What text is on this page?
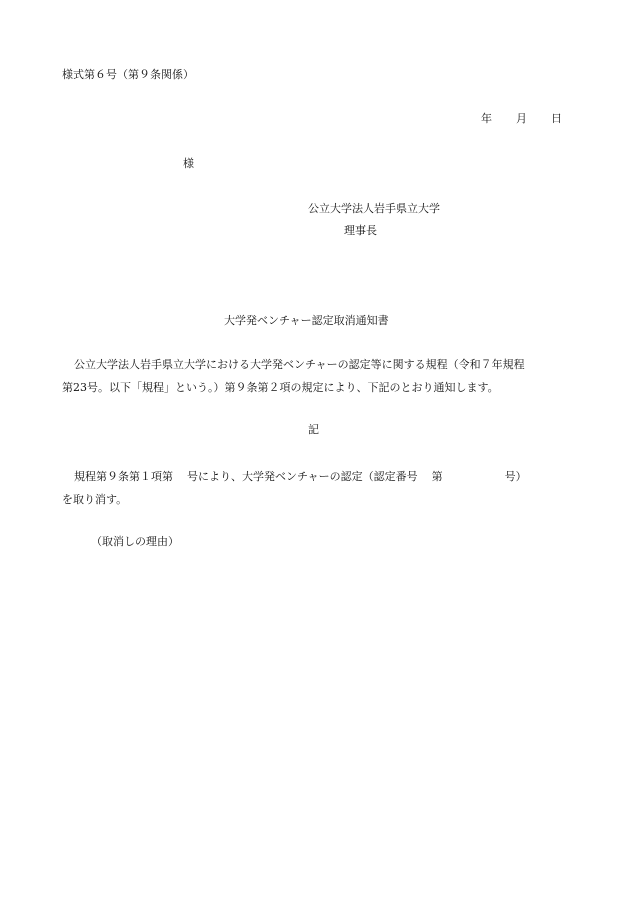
様式第６号（第９条関係）
年 月 日
様
公立大学法人岩手県立大学
理事長
大学発ベンチャー認定取消通知書
公立大学法人岩手県立大学における大学発ベンチャーの認定等に関する規程（令和７年規程
第23号。以下「規程」という。）第９条第２項の規定により、下記のとおり通知します。
記
規程第９条第１項第 号により、大学発ベンチャーの認定（認定番号 第	号）
を取り消す。
（取消しの理由）
